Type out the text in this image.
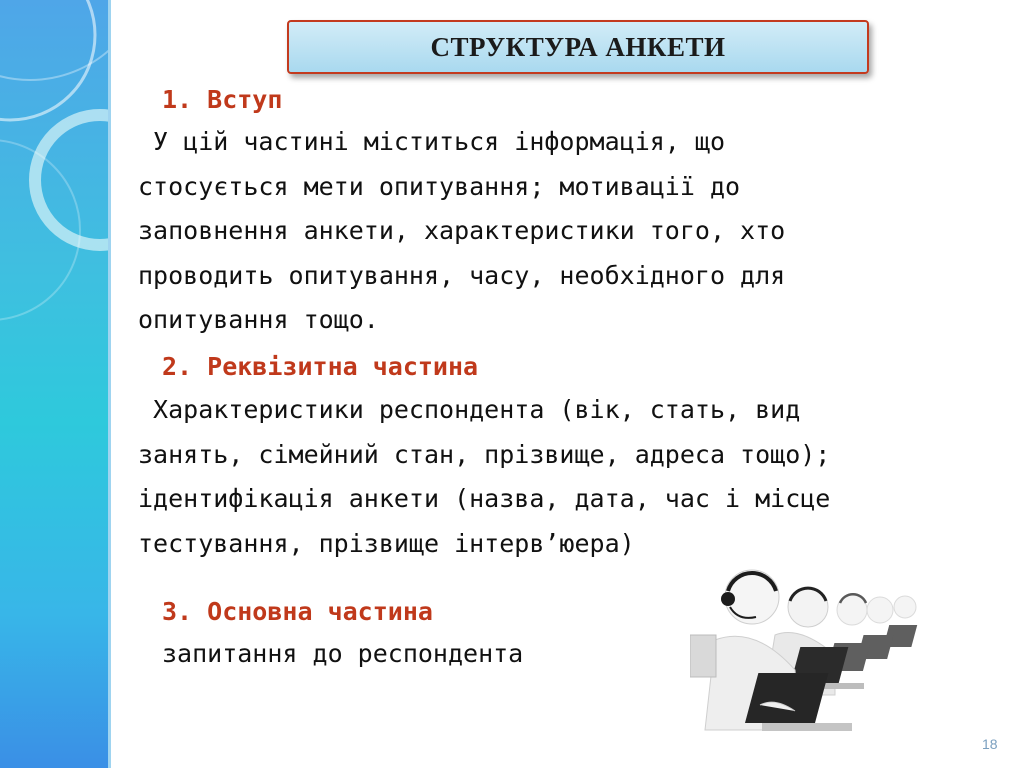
СТРУКТУРА АНКЕТИ
1. Вступ
У цій частині міститься інформація, що
стосується мети опитування; мотивації до
заповнення анкети, характеристики того, хто
проводить опитування, часу, необхідного для
опитування тощо.
2. Реквізитна частина
Характеристики респондента (вік, стать, вид
занять, сімейний стан, прізвище, адреса тощо);
ідентифікація анкети (назва, дата, час і місце
тестування, прізвище інтерв’юера)
3. Основна частина
запитання до респондента
18
